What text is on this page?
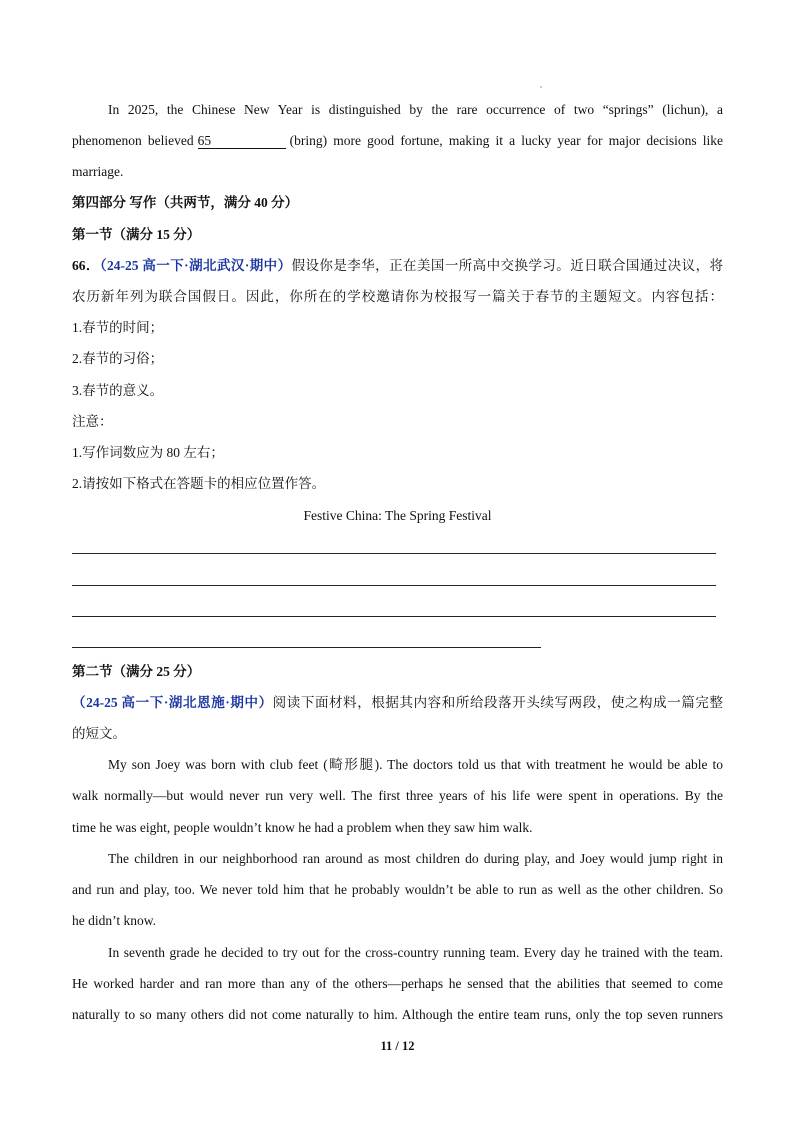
In 2025, the Chinese New Year is distinguished by the rare occurrence of two “springs” (lichun), a
phenomenon believed 65	(bring) more good fortune, making it a lucky year for major decisions like
marriage.
第四部分 写作（共两节，满分 40 分）
第一节（满分 15 分）
66．（24-25 高一下·湖北武汉·期中）假设你是李华，正在美国一所高中交换学习。近日联合国通过决议，将
农历新年列为联合国假日。因此，你所在的学校邀请你为校报写一篇关于春节的主题短文。内容包括：
1.春节的时间；
2.春节的习俗；
3.春节的意义。
注意：
1.写作词数应为 80 左右；
2.请按如下格式在答题卡的相应位置作答。
Festive China: The Spring Festival
第二节（满分 25 分）
（24-25 高一下·湖北恩施·期中）阅读下面材料，根据其内容和所给段落开头续写两段，使之构成一篇完整
的短文。
My son Joey was born with club feet (畸形腿). The doctors told us that with treatment he would be able to
walk normally—but would never run very well. The first three years of his life were spent in operations. By the
time he was eight, people wouldn’t know he had a problem when they saw him walk.
The children in our neighborhood ran around as most children do during play, and Joey would jump right in
and run and play, too. We never told him that he probably wouldn’t be able to run as well as the other children. So
he didn’t know.
In seventh grade he decided to try out for the cross-country running team. Every day he trained with the team.
He worked harder and ran more than any of the others—perhaps he sensed that the abilities that seemed to come
naturally to so many others did not come naturally to him. Although the entire team runs, only the top seven runners
11 / 12
